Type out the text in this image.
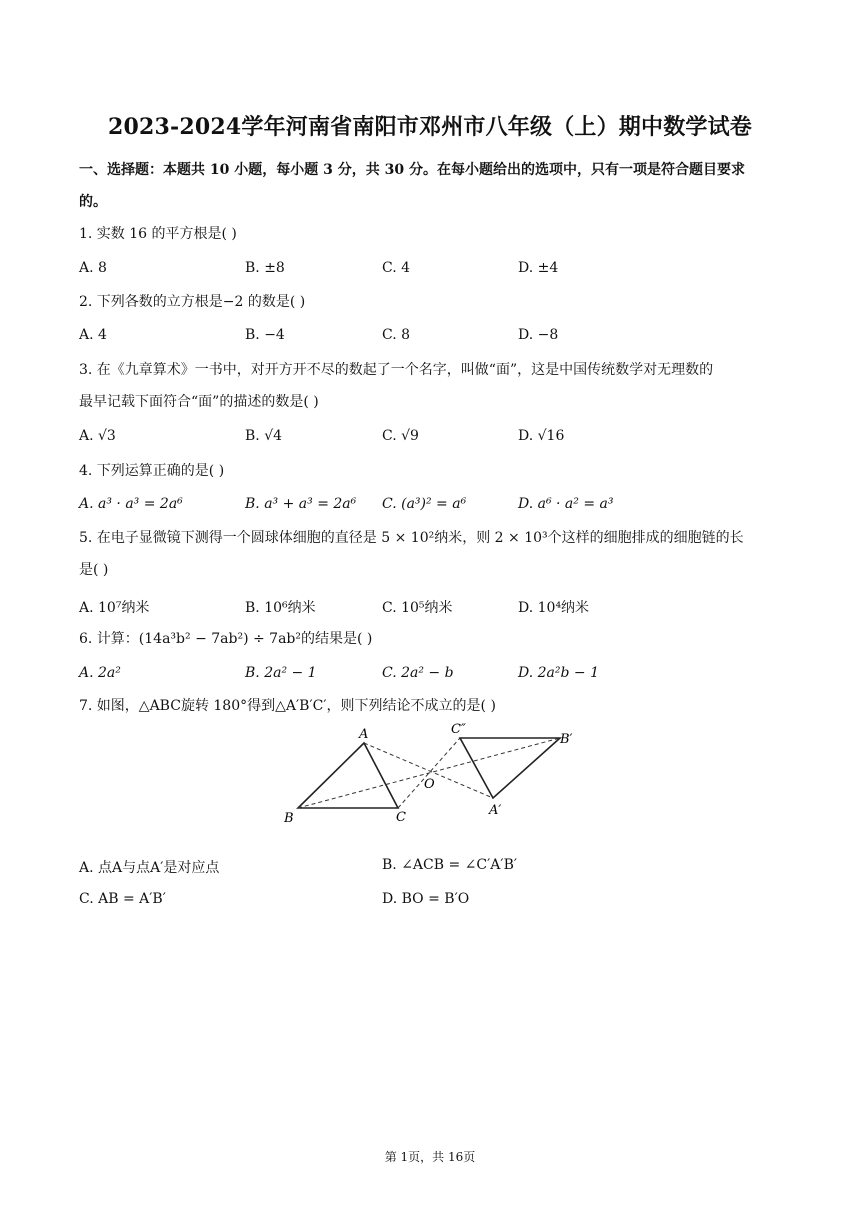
2023-2024学年河南省南阳市邓州市八年级（上）期中数学试卷
一、选择题：本题共 10 小题，每小题 3 分，共 30 分。在每小题给出的选项中，只有一项是符合题目要求
的。
1. 实数 16 的平方根是( )
A. 8	B. ±8	C. 4	D. ±4
2. 下列各数的立方根是−2 的数是( )
A. 4	B. −4	C. 8	D. −8
3. 在《九章算术》一书中，对开方开不尽的数起了一个名字，叫做“面”，这是中国传统数学对无理数的
最早记载下面符合“面”的描述的数是( )
A. √3	B. √4	C. √9	D. √16
4. 下列运算正确的是( )
A. a³ · a³ = 2a⁶	B. a³ + a³ = 2a⁶ C. (a³)² = a⁶	D. a⁶ · a² = a³
5. 在电子显微镜下测得一个圆球体细胞的直径是 5 × 10²纳米，则 2 × 10³个这样的细胞排成的细胞链的长
是( )
A. 10⁷纳米	B. 10⁶纳米	C. 10⁵纳米	D. 10⁴纳米
6. 计算：(14a³b² − 7ab²) ÷ 7ab²的结果是( )
A. 2a²	B. 2a² − 1	C. 2a² − b	D. 2a²b − 1
7. 如图，△ABC旋转 180°得到△A′B′C′，则下列结论不成立的是( )
A
B	C
O
A′
B′
C″
A. 点A与点A′是对应点	B. ∠ACB = ∠C′A′B′
C. AB = A′B′	D. BO = B′O
第 1页，共 16页
